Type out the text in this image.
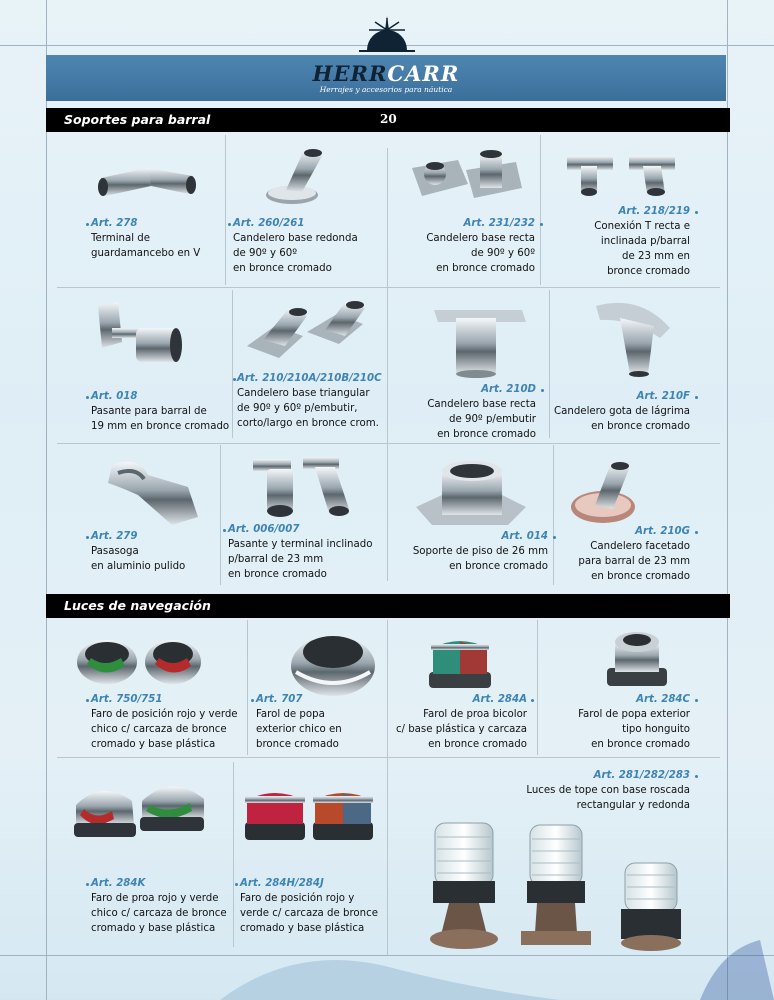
HERRCARR
Herrajes y accesorios para náutica
Soportes para barral	20
Luces de navegación
Art. 278
Terminal de
guardamancebo en V
Art. 260/261
Candelero base redonda
de 90º y 60º
en bronce cromado
Art. 231/232
Candelero base recta
de 90º y 60º
en bronce cromado
Art. 218/219
Conexión T recta e
inclinada p/barral
de 23 mm en
bronce cromado
Art. 018
Pasante para barral de
19 mm en bronce cromado
Art. 210/210A/210B/210C
Candelero base triangular
de 90º y 60º p/embutir,
corto/largo en bronce crom.
Art. 210D
Candelero base recta
de 90º p/embutir
en bronce cromado
Art. 210F
Candelero gota de lágrima
en bronce cromado
Art. 279
Pasasoga
en aluminio pulido
Art. 006/007
Pasante y terminal inclinado
p/barral de 23 mm
en bronce cromado
Art. 014
Soporte de piso de 26 mm
en bronce cromado
Art. 210G
Candelero facetado
para barral de 23 mm
en bronce cromado
Art. 750/751
Faro de posición rojo y verde
chico c/ carcaza de bronce
cromado y base plástica
Art. 707
Farol de popa
exterior chico en
bronce cromado
Art. 284A
Farol de proa bicolor
c/ base plástica y carcaza
en bronce cromado
Art. 284C
Farol de popa exterior
tipo honguito
en bronce cromado
Art. 281/282/283
Luces de tope con base roscada
rectangular y redonda
Art. 284K
Faro de proa rojo y verde
chico c/ carcaza de bronce
cromado y base plástica
Art. 284H/284J
Faro de posición rojo y
verde c/ carcaza de bronce
cromado y base plástica
